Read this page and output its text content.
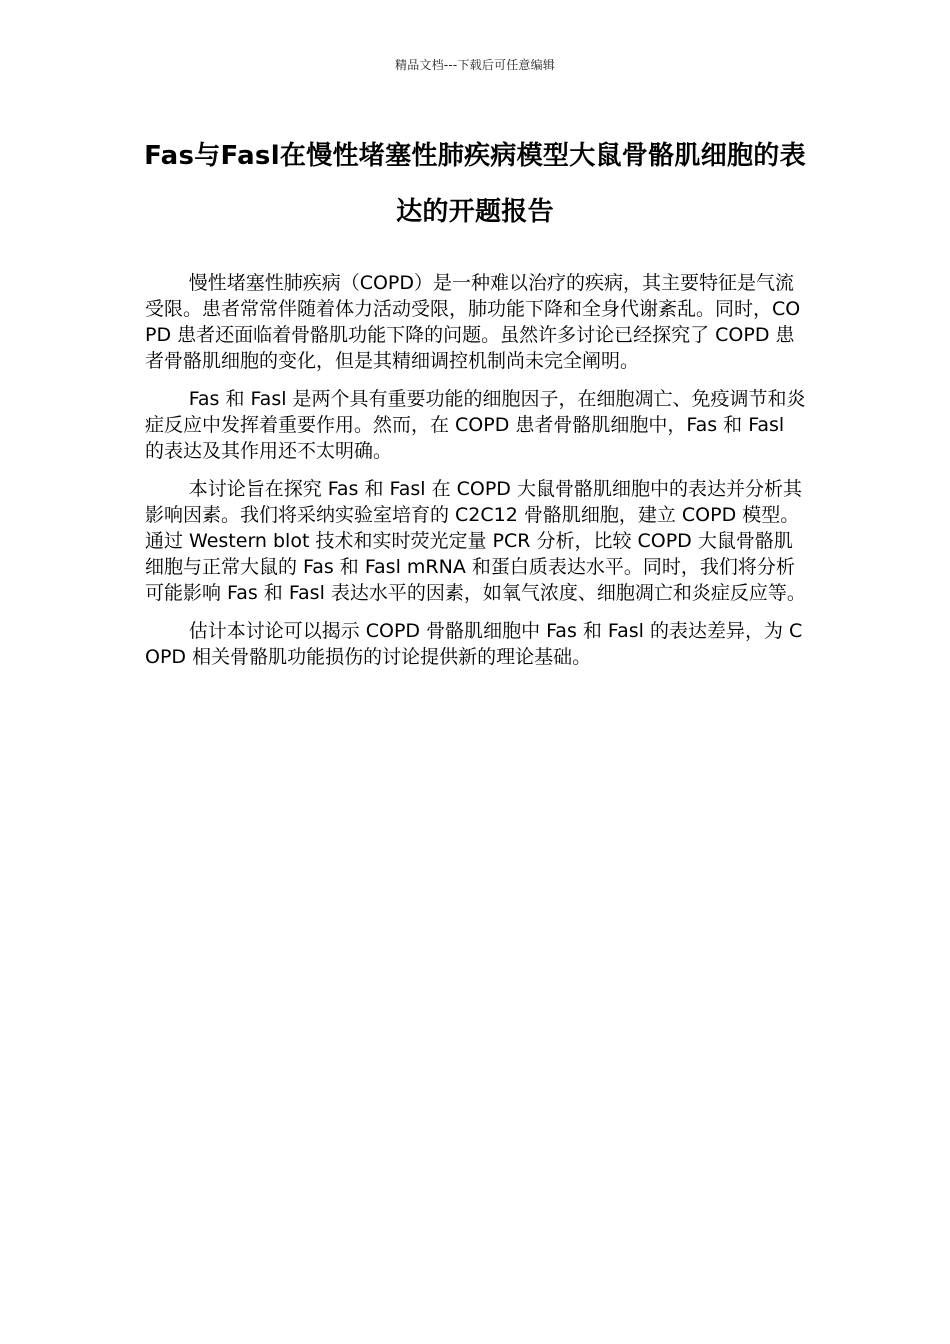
精品文档---下载后可任意编辑
Fas与Fasl在慢性堵塞性肺疾病模型大鼠骨骼肌细胞的表达的开题报告

慢性堵塞性肺疾病（COPD）是一种难以治疗的疾病，其主要特征是气流受限。患者常常伴随着体力活动受限，肺功能下降和全身代谢紊乱。同时，COPD 患者还面临着骨骼肌功能下降的问题。虽然许多讨论已经探究了 COPD 患者骨骼肌细胞的变化，但是其精细调控机制尚未完全阐明。

Fas 和 Fasl 是两个具有重要功能的细胞因子，在细胞凋亡、免疫调节和炎症反应中发挥着重要作用。然而，在 COPD 患者骨骼肌细胞中，Fas 和 Fasl 的表达及其作用还不太明确。

本讨论旨在探究 Fas 和 Fasl 在 COPD 大鼠骨骼肌细胞中的表达并分析其影响因素。我们将采纳实验室培育的 C2C12 骨骼肌细胞，建立 COPD 模型。通过 Western blot 技术和实时荧光定量 PCR 分析，比较 COPD 大鼠骨骼肌细胞与正常大鼠的 Fas 和 Fasl mRNA 和蛋白质表达水平。同时，我们将分析可能影响 Fas 和 Fasl 表达水平的因素，如氧气浓度、细胞凋亡和炎症反应等。

估计本讨论可以揭示 COPD 骨骼肌细胞中 Fas 和 Fasl 的表达差异，为 COPD 相关骨骼肌功能损伤的讨论提供新的理论基础。
